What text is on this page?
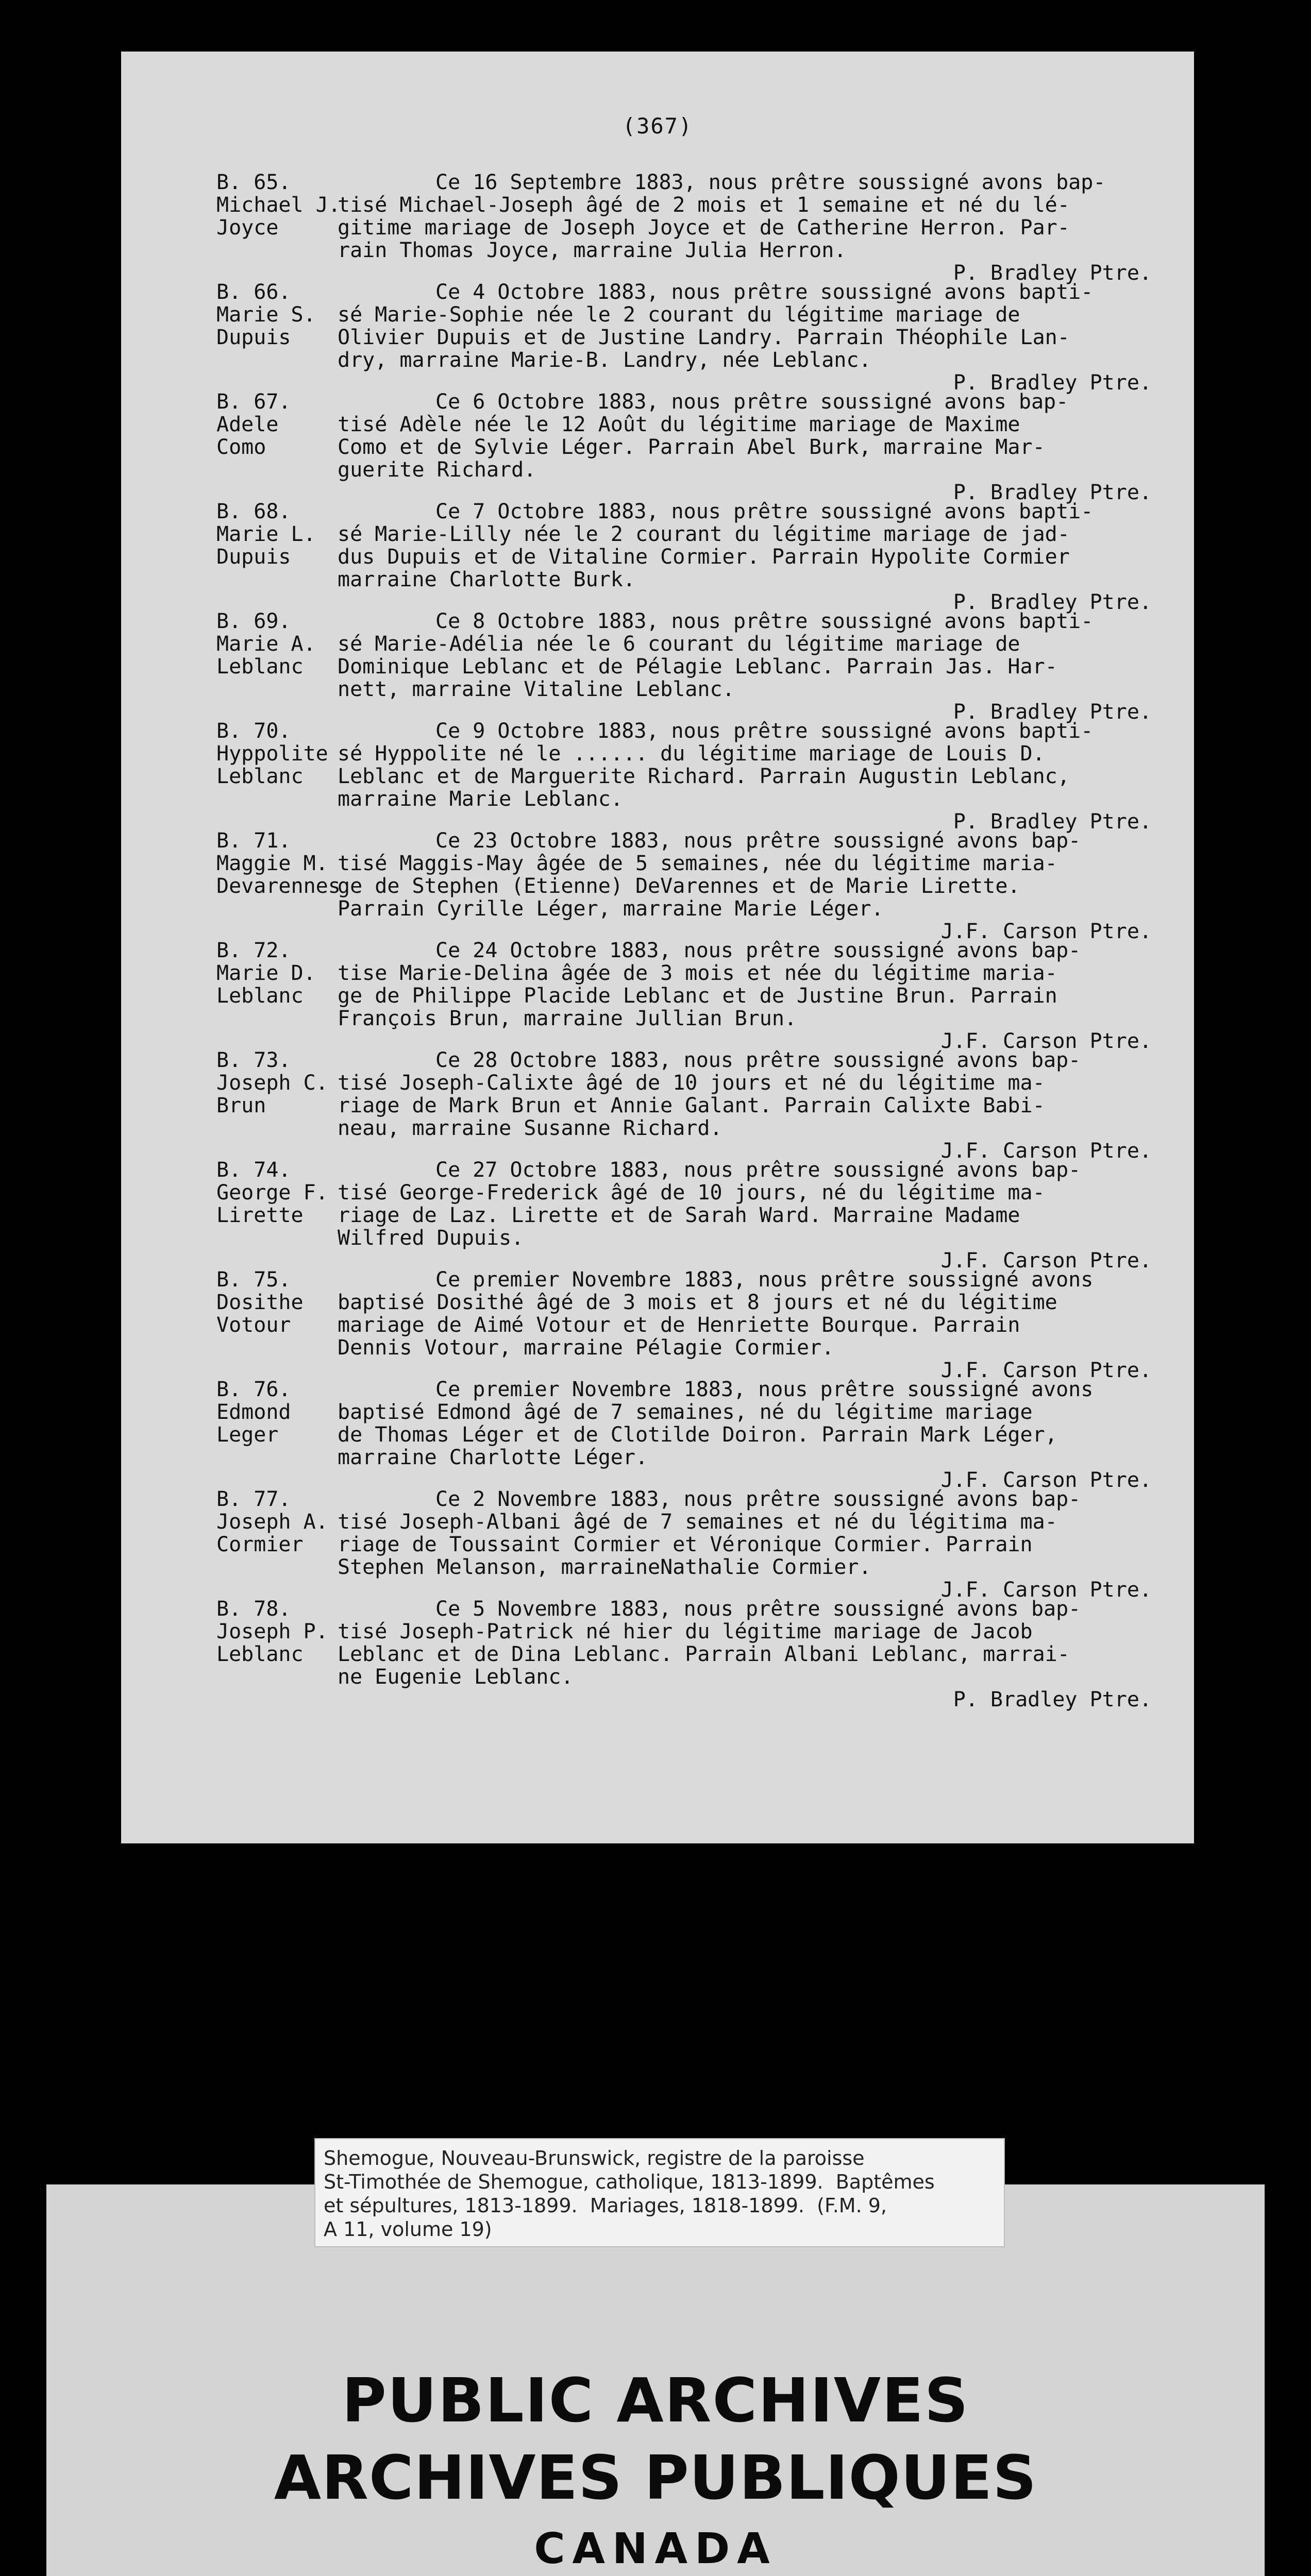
(367)
B. 65.
Michael J.
Joyce
Ce 16 Septembre 1883, nous prêtre soussigné avons bap-
tisé Michael-Joseph âgé de 2 mois et 1 semaine et né du lé-
gitime mariage de Joseph Joyce et de Catherine Herron. Par-
rain Thomas Joyce, marraine Julia Herron.
P. Bradley Ptre.
B. 66.
Marie S.
Dupuis
Ce 4 Octobre 1883, nous prêtre soussigné avons bapti-
sé Marie-Sophie née le 2 courant du légitime mariage de
Olivier Dupuis et de Justine Landry. Parrain Théophile Lan-
dry, marraine Marie-B. Landry, née Leblanc.
P. Bradley Ptre.
B. 67.
Adele
Como
Ce 6 Octobre 1883, nous prêtre soussigné avons bap-
tisé Adèle née le 12 Août du légitime mariage de Maxime
Como et de Sylvie Léger. Parrain Abel Burk, marraine Mar-
guerite Richard.
P. Bradley Ptre.
B. 68.
Marie L.
Dupuis
Ce 7 Octobre 1883, nous prêtre soussigné avons bapti-
sé Marie-Lilly née le 2 courant du légitime mariage de jad-
dus Dupuis et de Vitaline Cormier. Parrain Hypolite Cormier
marraine Charlotte Burk.
P. Bradley Ptre.
B. 69.
Marie A.
Leblanc
Ce 8 Octobre 1883, nous prêtre soussigné avons bapti-
sé Marie-Adélia née le 6 courant du légitime mariage de
Dominique Leblanc et de Pélagie Leblanc. Parrain Jas. Har-
nett, marraine Vitaline Leblanc.
P. Bradley Ptre.
B. 70.
Hyppolite
Leblanc
Ce 9 Octobre 1883, nous prêtre soussigné avons bapti-
sé Hyppolite né le ...... du légitime mariage de Louis D.
Leblanc et de Marguerite Richard. Parrain Augustin Leblanc,
marraine Marie Leblanc.
P. Bradley Ptre.
B. 71.
Maggie M.
Devarennes
Ce 23 Octobre 1883, nous prêtre soussigné avons bap-
tisé Maggis-May âgée de 5 semaines, née du légitime maria-
ge de Stephen (Etienne) DeVarennes et de Marie Lirette.
Parrain Cyrille Léger, marraine Marie Léger.
J.F. Carson Ptre.
B. 72.
Marie D.
Leblanc
Ce 24 Octobre 1883, nous prêtre soussigné avons bap-
tise Marie-Delina âgée de 3 mois et née du légitime maria-
ge de Philippe Placide Leblanc et de Justine Brun. Parrain
François Brun, marraine Jullian Brun.
J.F. Carson Ptre.
B. 73.
Joseph C.
Brun
Ce 28 Octobre 1883, nous prêtre soussigné avons bap-
tisé Joseph-Calixte âgé de 10 jours et né du légitime ma-
riage de Mark Brun et Annie Galant. Parrain Calixte Babi-
neau, marraine Susanne Richard.
J.F. Carson Ptre.
B. 74.
George F.
Lirette
Ce 27 Octobre 1883, nous prêtre soussigné avons bap-
tisé George-Frederick âgé de 10 jours, né du légitime ma-
riage de Laz. Lirette et de Sarah Ward. Marraine Madame
Wilfred Dupuis.
J.F. Carson Ptre.
B. 75.
Dosithe
Votour
Ce premier Novembre 1883, nous prêtre soussigné avons
baptisé Dosithé âgé de 3 mois et 8 jours et né du légitime
mariage de Aimé Votour et de Henriette Bourque. Parrain
Dennis Votour, marraine Pélagie Cormier.
J.F. Carson Ptre.
B. 76.
Edmond
Leger
Ce premier Novembre 1883, nous prêtre soussigné avons
baptisé Edmond âgé de 7 semaines, né du légitime mariage
de Thomas Léger et de Clotilde Doiron. Parrain Mark Léger,
marraine Charlotte Léger.
J.F. Carson Ptre.
B. 77.
Joseph A.
Cormier
Ce 2 Novembre 1883, nous prêtre soussigné avons bap-
tisé Joseph-Albani âgé de 7 semaines et né du légitima ma-
riage de Toussaint Cormier et Véronique Cormier. Parrain
Stephen Melanson, marraineNathalie Cormier.
J.F. Carson Ptre.
B. 78.
Joseph P.
Leblanc
Ce 5 Novembre 1883, nous prêtre soussigné avons bap-
tisé Joseph-Patrick né hier du légitime mariage de Jacob
Leblanc et de Dina Leblanc. Parrain Albani Leblanc, marrai-
ne Eugenie Leblanc.
P. Bradley Ptre.
PUBLIC ARCHIVES
ARCHIVES PUBLIQUES
CANADA
Shemogue, Nouveau-Brunswick, registre de la paroisse
St-Timothée de Shemogue, catholique, 1813-1899.  Baptêmes
et sépultures, 1813-1899.  Mariages, 1818-1899.  (F.M. 9,
A 11, volume 19)
